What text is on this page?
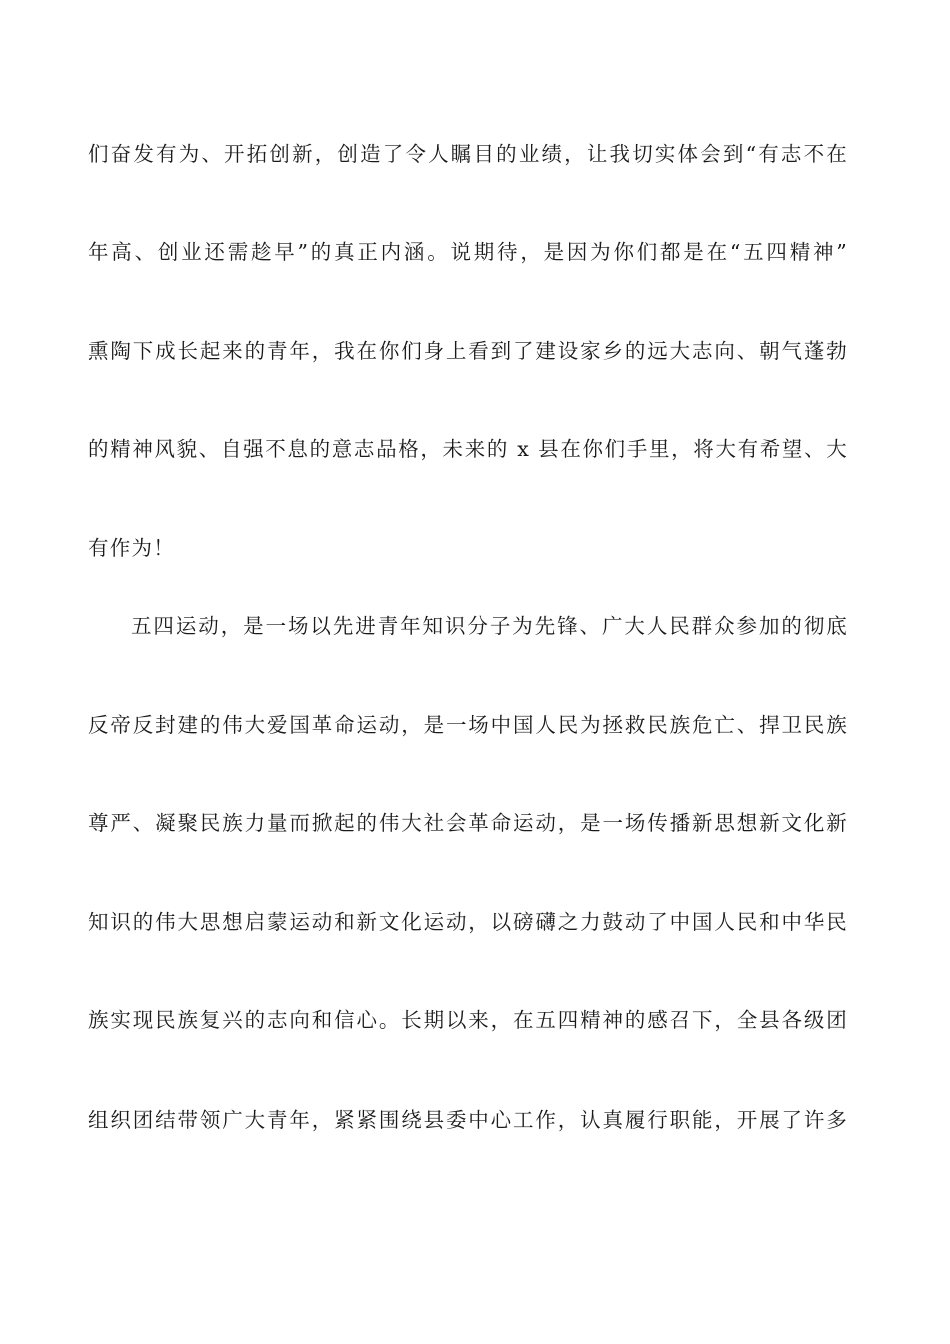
们奋发有为、开拓创新，创造了令人瞩目的业绩，让我切实体会到“有志不在
年高、创业还需趁早”的真正内涵。说期待，是因为你们都是在“五四精神”
熏陶下成长起来的青年，我在你们身上看到了建设家乡的远大志向、朝气蓬勃
的精神风貌、自强不息的意志品格，未来的 x 县在你们手里，将大有希望、大
有作为！
五四运动，是一场以先进青年知识分子为先锋、广大人民群众参加的彻底
反帝反封建的伟大爱国革命运动，是一场中国人民为拯救民族危亡、捍卫民族
尊严、凝聚民族力量而掀起的伟大社会革命运动，是一场传播新思想新文化新
知识的伟大思想启蒙运动和新文化运动，以磅礴之力鼓动了中国人民和中华民
族实现民族复兴的志向和信心。长期以来，在五四精神的感召下，全县各级团
组织团结带领广大青年，紧紧围绕县委中心工作，认真履行职能，开展了许多
